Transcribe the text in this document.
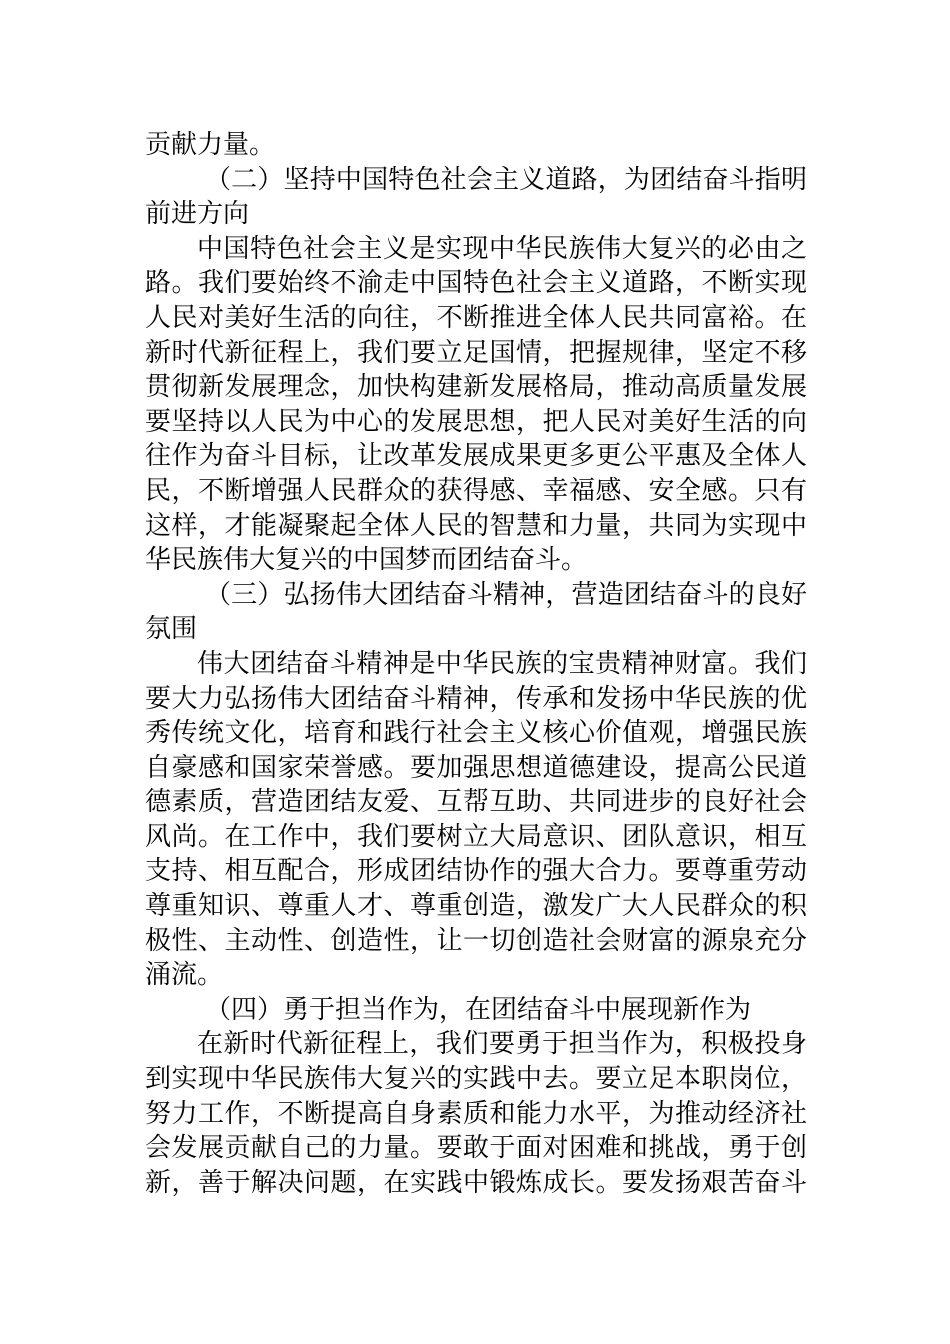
贡献力量。
（二）坚持中国特色社会主义道路，为团结奋斗指明
前进方向
中国特色社会主义是实现中华民族伟大复兴的必由之
路。我们要始终不渝走中国特色社会主义道路，不断实现
人民对美好生活的向往，不断推进全体人民共同富裕。在
新时代新征程上，我们要立足国情，把握规律，坚定不移
贯彻新发展理念，加快构建新发展格局，推动高质量发展
要坚持以人民为中心的发展思想，把人民对美好生活的向
往作为奋斗目标，让改革发展成果更多更公平惠及全体人
民，不断增强人民群众的获得感、幸福感、安全感。只有
这样，才能凝聚起全体人民的智慧和力量，共同为实现中
华民族伟大复兴的中国梦而团结奋斗。
（三）弘扬伟大团结奋斗精神，营造团结奋斗的良好
氛围
伟大团结奋斗精神是中华民族的宝贵精神财富。我们
要大力弘扬伟大团结奋斗精神，传承和发扬中华民族的优
秀传统文化，培育和践行社会主义核心价值观，增强民族
自豪感和国家荣誉感。要加强思想道德建设，提高公民道
德素质，营造团结友爱、互帮互助、共同进步的良好社会
风尚。在工作中，我们要树立大局意识、团队意识，相互
支持、相互配合，形成团结协作的强大合力。要尊重劳动
尊重知识、尊重人才、尊重创造，激发广大人民群众的积
极性、主动性、创造性，让一切创造社会财富的源泉充分
涌流。
（四）勇于担当作为，在团结奋斗中展现新作为
在新时代新征程上，我们要勇于担当作为，积极投身
到实现中华民族伟大复兴的实践中去。要立足本职岗位，
努力工作，不断提高自身素质和能力水平，为推动经济社
会发展贡献自己的力量。要敢于面对困难和挑战，勇于创
新，善于解决问题，在实践中锻炼成长。要发扬艰苦奋斗
